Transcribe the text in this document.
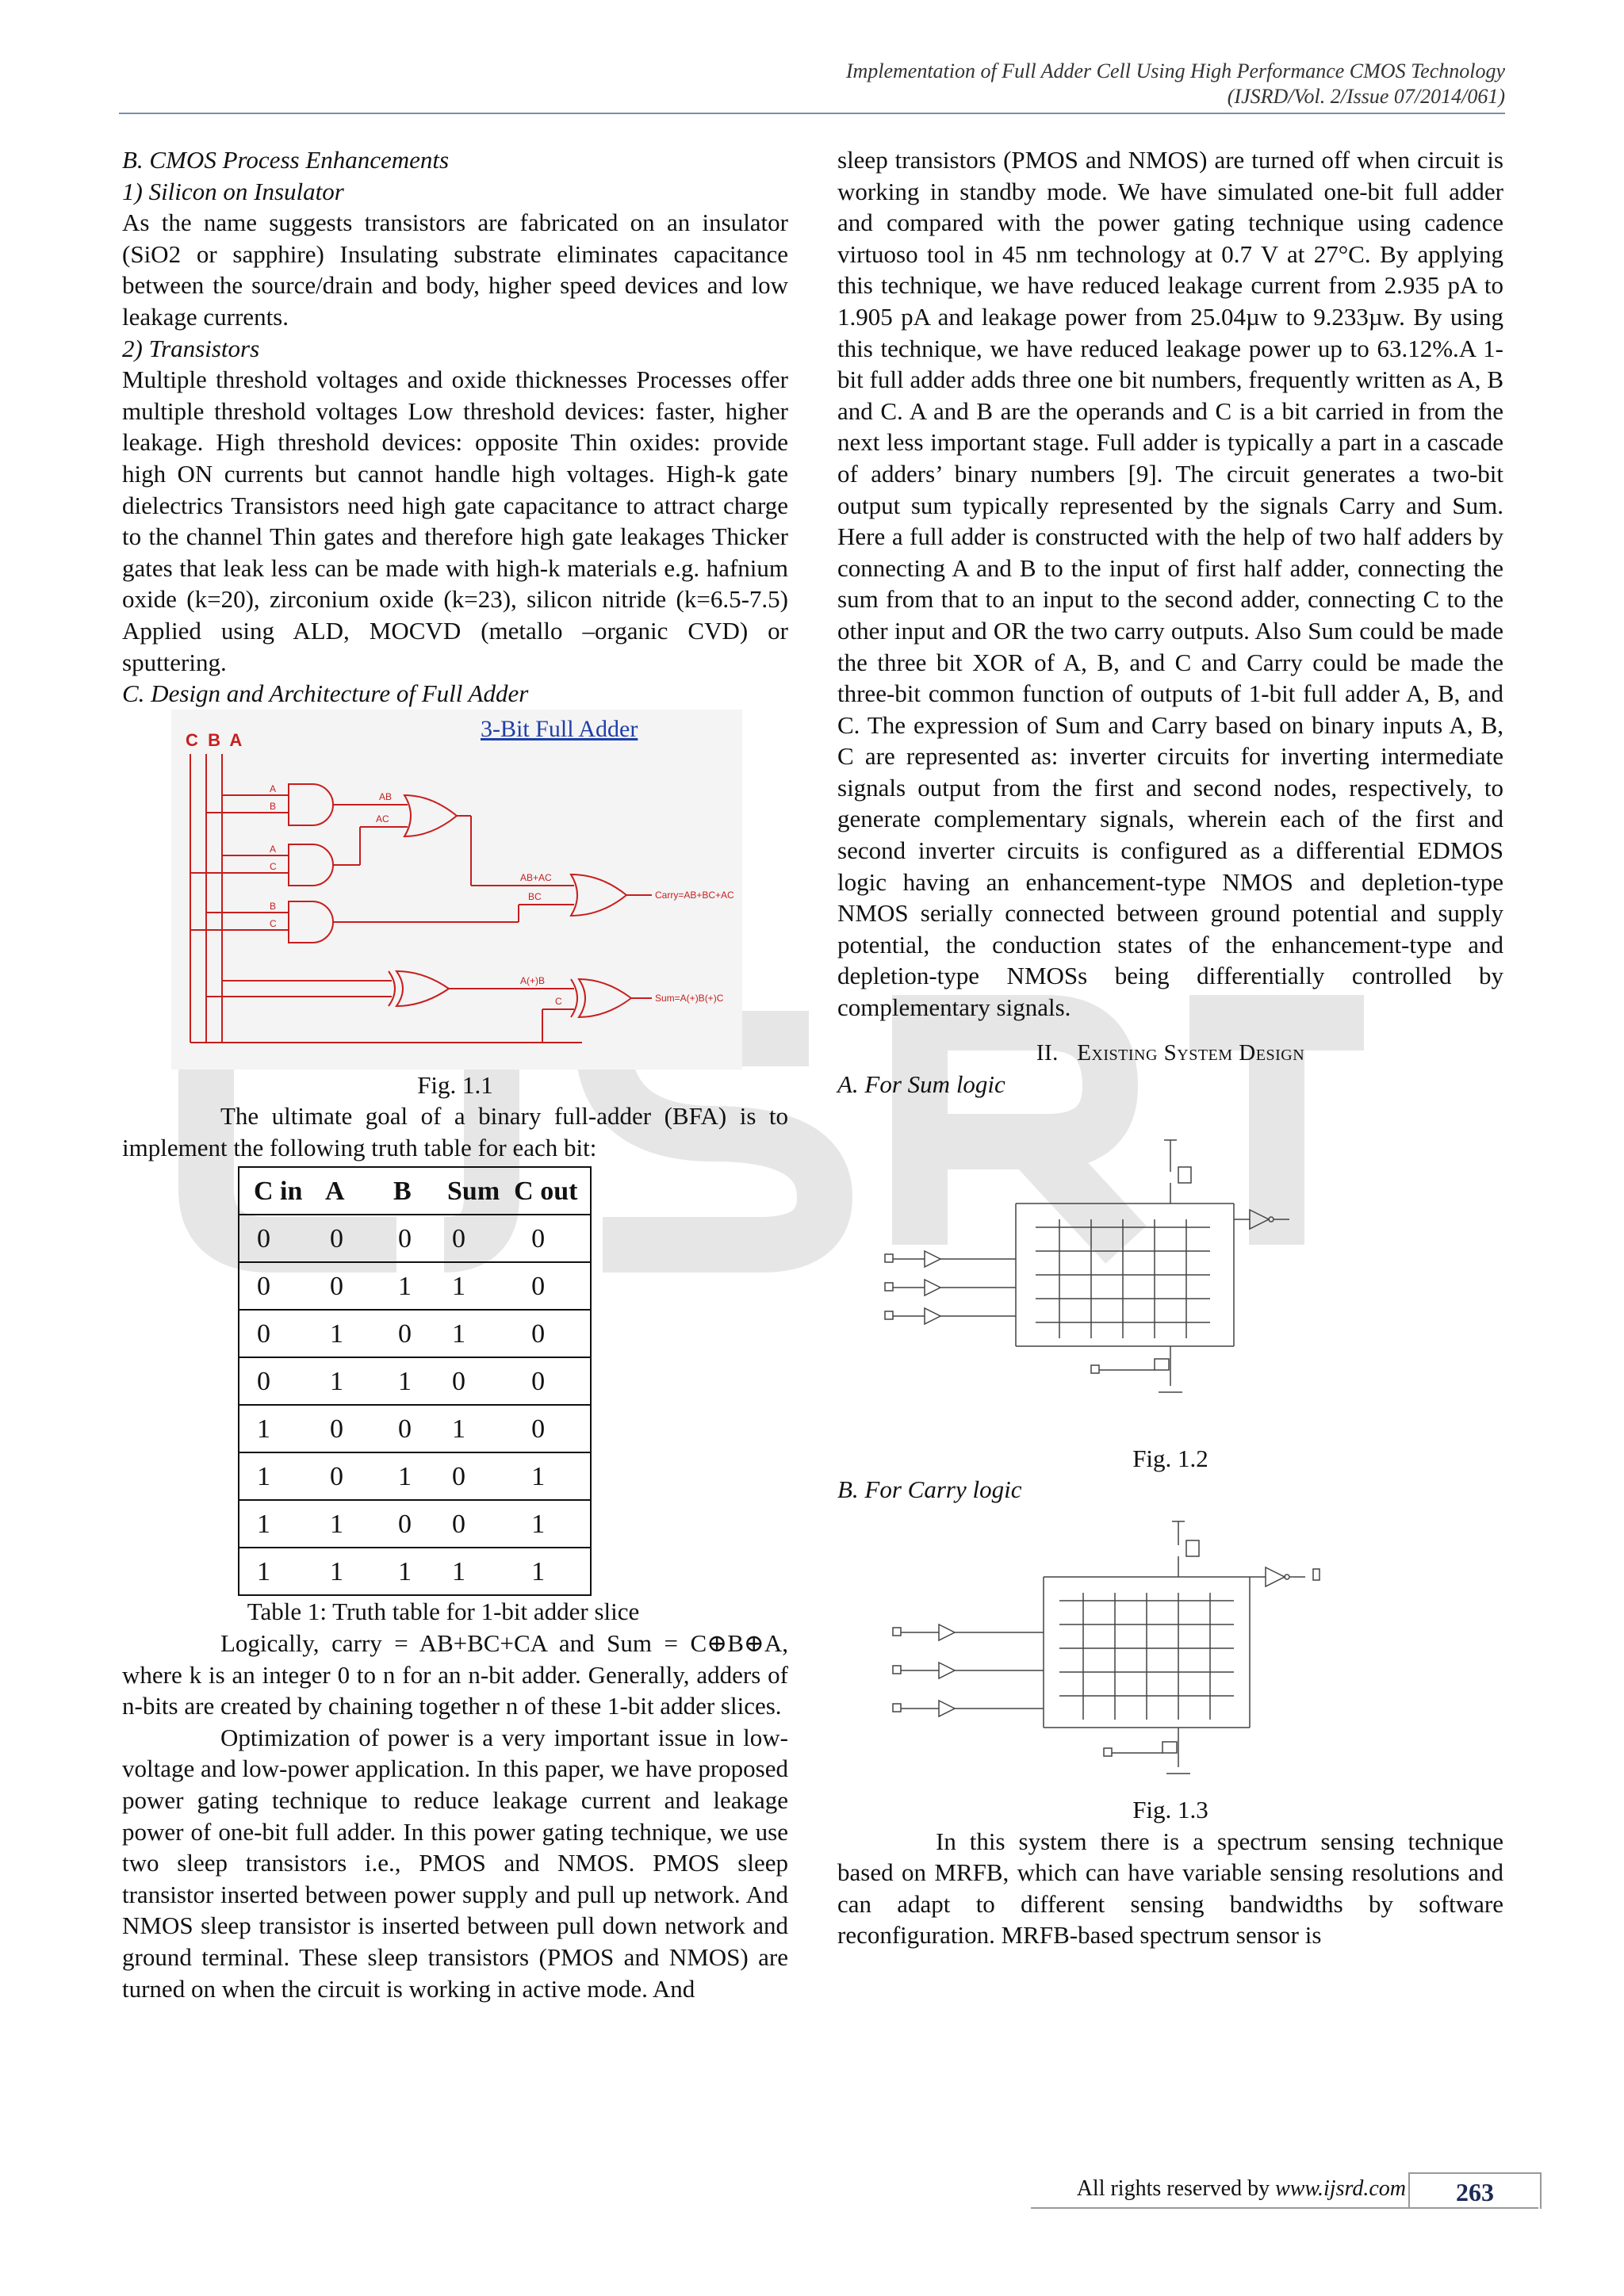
Implementation of Full Adder Cell Using High Performance CMOS Technology
(IJSRD/Vol. 2/Issue 07/2014/061)

B. CMOS Process Enhancements

1) Silicon on Insulator

As the name suggests transistors are fabricated on an insulator (SiO2 or sapphire) Insulating substrate eliminates capacitance between the source/drain and body, higher speed devices and low leakage currents.

2) Transistors

Multiple threshold voltages and oxide thicknesses Processes offer multiple threshold voltages Low threshold devices: faster, higher leakage. High threshold devices: opposite Thin oxides: provide high ON currents but cannot handle high voltages. High-k gate dielectrics Transistors need high gate capacitance to attract charge to the channel Thin gates and therefore high gate leakages Thicker gates that leak less can be made with high-k materials e.g. hafnium oxide (k=20), zirconium oxide (k=23), silicon nitride (k=6.5-7.5) Applied using ALD, MOCVD (metallo –organic CVD) or sputtering.

C. Design and Architecture of Full Adder

3-Bit Full Adder
C  B  A
A
B
A
C
B
C
AB
AC
AB+AC
BC	Carry=AB+BC+AC
A(+)B
C	Sum=A(+)B(+)C

Fig. 1.1

The ultimate goal of a binary full-adder (BFA) is to implement the following truth table for each bit:

C in	A	B	Sum	C out
0	0	0	0	0
0	0	1	1	0
0	1	0	1	0
0	1	1	0	0
1	0	0	1	0
1	0	1	0	1
1	1	0	0	1
1	1	1	1	1

Table 1: Truth table for 1-bit adder slice

Logically, carry = AB+BC+CA and Sum = C⊕B⊕A, where k is an integer 0 to n for an n-bit adder. Generally, adders of n-bits are created by chaining together n of these 1-bit adder slices.

Optimization of power is a very important issue in low-voltage and low-power application. In this paper, we have proposed power gating technique to reduce leakage current and leakage power of one-bit full adder. In this power gating technique, we use two sleep transistors i.e., PMOS and NMOS. PMOS sleep transistor inserted between power supply and pull up network. And NMOS sleep transistor is inserted between pull down network and ground terminal. These sleep transistors (PMOS and NMOS) are turned on when the circuit is working in active mode. And

sleep transistors (PMOS and NMOS) are turned off when circuit is working in standby mode. We have simulated one-bit full adder and compared with the power gating technique using cadence virtuoso tool in 45 nm technology at 0.7 V at 27°C. By applying this technique, we have reduced leakage current from 2.935 pA to 1.905 pA and leakage power from 25.04µw to 9.233µw. By using this technique, we have reduced leakage power up to 63.12%.A 1-bit full adder adds three one bit numbers, frequently written as A, B and C. A and B are the operands and C is a bit carried in from the next less important stage. Full adder is typically a part in a cascade of adders’ binary numbers [9]. The circuit generates a two-bit output sum typically represented by the signals Carry and Sum. Here a full adder is constructed with the help of two half adders by connecting A and B to the input of first half adder, connecting the sum from that to an input to the second adder, connecting C to the other input and OR the two carry outputs. Also Sum could be made the three bit XOR of A, B, and C and Carry could be made the three-bit common function of outputs of 1-bit full adder A, B, and C. The expression of Sum and Carry based on binary inputs A, B, C are represented as: inverter circuits for inverting intermediate signals output from the first and second nodes, respectively, to generate complementary signals, wherein each of the first and second inverter circuits is configured as a differential EDMOS logic having an enhancement-type NMOS and depletion-type NMOS serially connected between ground potential and supply potential, the conduction states of the enhancement-type and depletion-type NMOSs being differentially controlled by complementary signals.

II. Existing System Design

A. For Sum logic

Fig. 1.2

B. For Carry logic

Fig. 1.3

In this system there is a spectrum sensing technique based on MRFB, which can have variable sensing resolutions and can adapt to different sensing bandwidths by software reconfiguration. MRFB-based spectrum sensor is

All rights reserved by www.ijsrd.com	263
